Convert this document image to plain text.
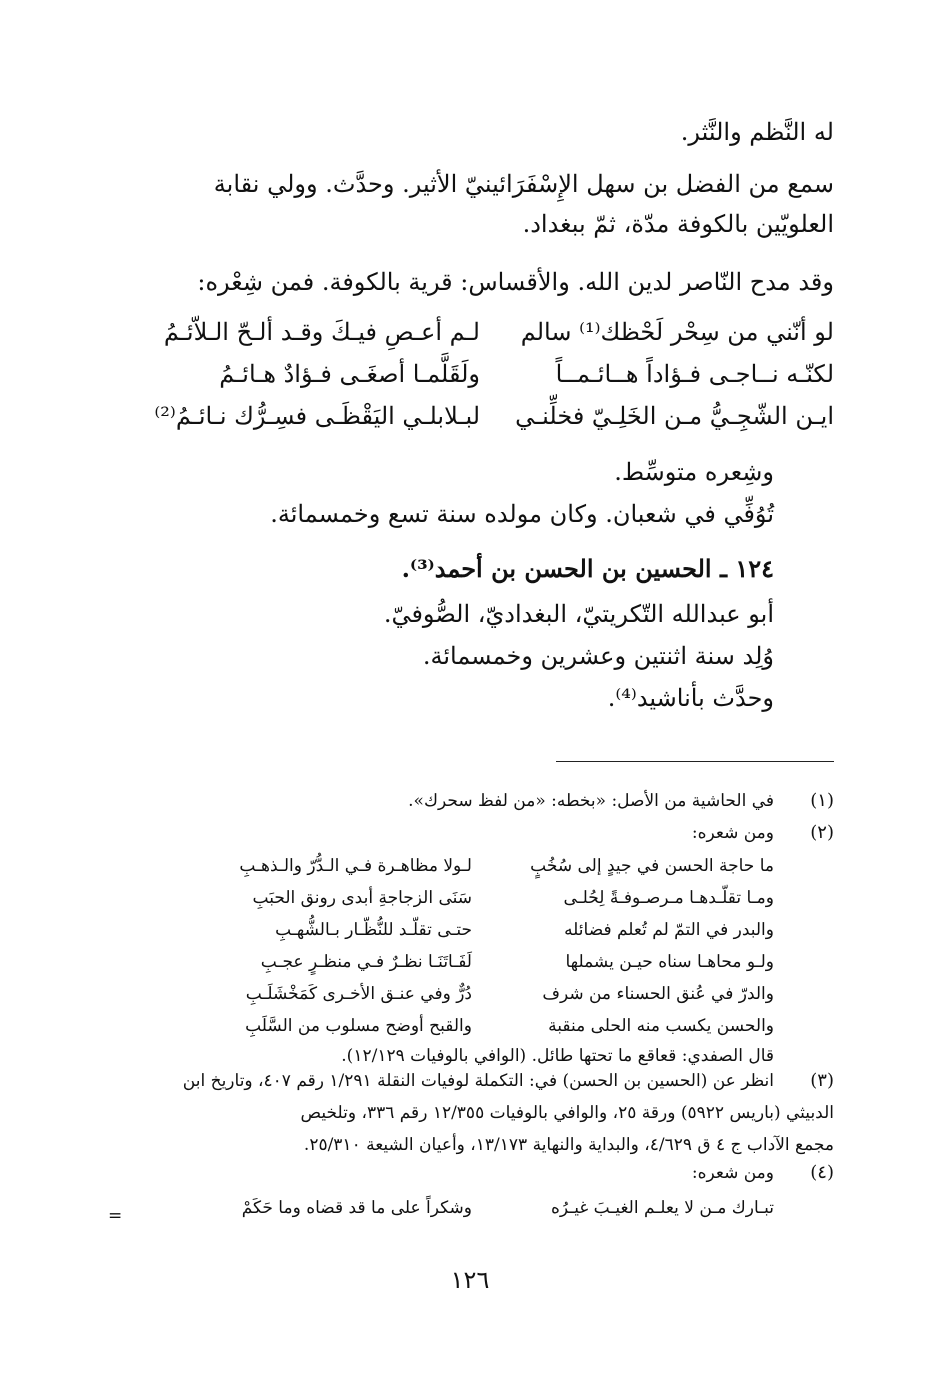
له النَّظم والنَّثر.
سمع من الفضل بن سهل الإِسْفَرَائينيّ الأثير. وحدَّث. وولي نقابة
العلويّين بالكوفة مدّة، ثمّ ببغداد.
وقد مدح النّاصر لدين الله. والأقساس: قرية بالكوفة. فمن شِعْره:
لو أنّني من سِحْر لَحْظك⁽¹⁾ سالم
لـم أعـصِ فيـكَ وقـد ألـحّ الـلاّئـمُ
لكنّـه نــاجـى فـؤاداً هــائـمــاً
ولَقَلَّمـا أصغَـى فـؤادٌ هـائـمُ
ايـن الشّجِـيُّ مـن الخَلِـيّ فخلِّنـي
لبـلابلـي اليَقْظَـى فسِـرُّك نـائـمُ⁽²⁾
وشِعره متوسِّط.
تُوُفِّي في شعبان. وكان مولده سنة تسع وخمسمائة.
١٢٤ ـ الحسين بن الحسن بن أحمد⁽³⁾.
أبو عبدالله التّكريتيّ، البغداديّ، الصُّوفيّ.
وُلِد سنة اثنتين وعشرين وخمسمائة.
وحدَّث بأناشيد⁽⁴⁾.
(١)
في الحاشية من الأصل: «بخطه: «من لفظ سحرك».
(٢)
ومن شعره:
ما حاجة الحسن في جيدٍ إلى سُخُبٍ
لـولا مظاهـرة فـي الـدُّرّ والـذهـبِ
ومـا تقلّـدهـا مـرصـوفـةً لِحُلـى
سَنَى الزجاجةِ أبدى رونق الحبَبِ
والبدر في التمّ لم تُعلم فضائله
حتـى تقلّـد للنُّظّـار بـالشُّهـبِ
ولـو محاهـا سناه حيـن يشملها
لَفَـاتَنَـا نظـرٌ فـي منظـرٍ عجـبِ
والدرّ في عُنق الحسناء من شرف
دُرٌّ وفي عنـق الأخـرى كَمَخْشَلَـبِ
والحسن يكسب منه الحلى منقبة
والقبح أوضح مسلوب من السَّلَبِ
قال الصفدي: قعاقع ما تحتها طائل. (الوافي بالوفيات ١٢/١٢٩).
(٣)
انظر عن (الحسين بن الحسن) في: التكملة لوفيات النقلة ١/٢٩١ رقم ٤٠٧، وتاريخ ابن
الدبيثي (باريس ٥٩٢٢) ورقة ٢٥، والوافي بالوفيات ١٢/٣٥٥ رقم ٣٣٦، وتلخيص
مجمع الآداب ج ٤ ق ٤/٦٢٩، والبداية والنهاية ١٣/١٧٣، وأعيان الشيعة ٢٥/٣١٠.
(٤)
ومن شعره:
تبـارك مـن لا يعلـم الغيـبَ غيـرُه
وشكراً على ما قد قضاه وما حَكَمْ
=
١٢٦
